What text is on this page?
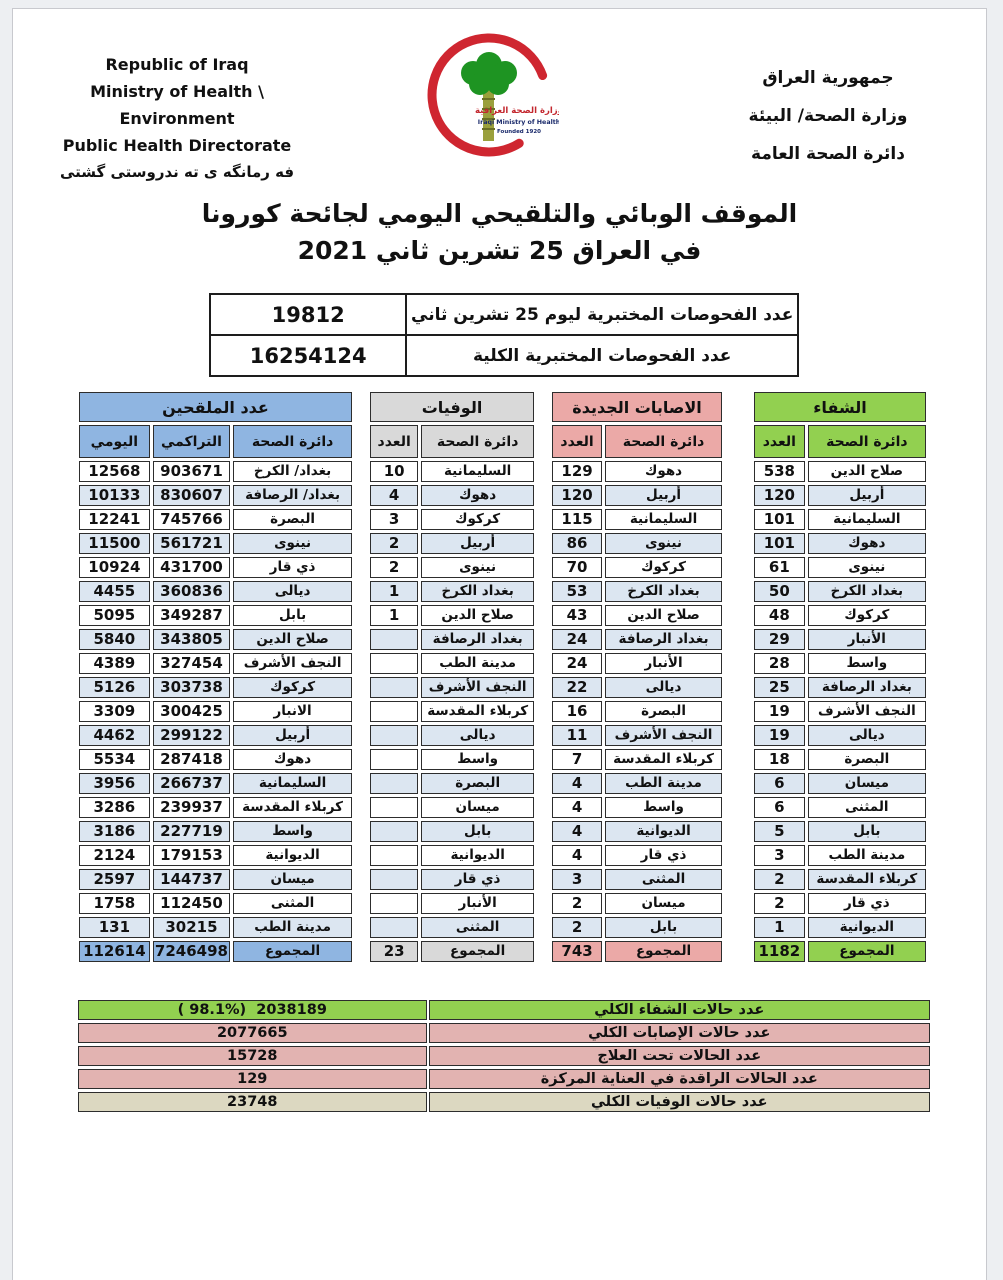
Republic of Iraq
Ministry of Health \ Environment
Public Health Directorate
فه رمانگه ی ته ندروستی گشتی
وزارة الصحة العراقية
Iraqi Ministry of Health
Founded 1920
جمهورية العراق
وزارة الصحة/ البيئة
دائرة الصحة العامة
الموقف الوبائي والتلقيحي اليومي لجائحة كورونا
في العراق 25 تشرين ثاني 2021
19812	عدد الفحوصات المختبرية ليوم 25 تشرين ثاني
16254124	عدد الفحوصات المختبرية الكلية
عدد الملقحين		
اليومي	التراكمي	دائرة الصحة
12568	903671	بغداد/ الكرخ
10133	830607	بغداد/ الرصافة
12241	745766	البصرة
11500	561721	نينوى
10924	431700	ذي قار
4455	360836	ديالى
5095	349287	بابل
5840	343805	صلاح الدين
4389	327454	النجف الأشرف
5126	303738	كركوك
3309	300425	الانبار
4462	299122	أربيل
5534	287418	دهوك
3956	266737	السليمانية
3286	239937	كربلاء المقدسة
3186	227719	واسط
2124	179153	الديوانية
2597	144737	ميسان
1758	112450	المثنى
131	30215	مدينة الطب
112614	7246498	المجموع
الوفيات	
العدد	دائرة الصحة
10	السليمانية
4	دهوك
3	كركوك
2	أربيل
2	نينوى
1	بغداد الكرخ
1	صلاح الدين
	بغداد الرصافة
	مدينة الطب
	النجف الأشرف
	كربلاء المقدسة
	ديالى
	واسط
	البصرة
	ميسان
	بابل
	الديوانية
	ذي قار
	الأنبار
	المثنى
23	المجموع
الاصابات الجديدة	
العدد	دائرة الصحة
129	دهوك
120	أربيل
115	السليمانية
86	نينوى
70	كركوك
53	بغداد الكرخ
43	صلاح الدين
24	بغداد الرصافة
24	الأنبار
22	ديالى
16	البصرة
11	النجف الأشرف
7	كربلاء المقدسة
4	مدينة الطب
4	واسط
4	الديوانية
4	ذي قار
3	المثنى
2	ميسان
2	بابل
743	المجموع
الشفاء	
العدد	دائرة الصحة
538	صلاح الدين
120	أربيل
101	السليمانية
101	دهوك
61	نينوى
50	بغداد الكرخ
48	كركوك
29	الأنبار
28	واسط
25	بغداد الرصافة
19	النجف الأشرف
19	ديالى
18	البصرة
6	ميسان
6	المثنى
5	بابل
3	مدينة الطب
2	كربلاء المقدسة
2	ذي قار
1	الديوانية
1182	المجموع
( 98.1%)  2038189	عدد حالات الشفاء الكلي
2077665	عدد حالات الإصابات الكلي
15728	عدد الحالات تحت العلاج
129	عدد الحالات الراقدة في العناية المركزة
23748	عدد حالات الوفيات الكلي
